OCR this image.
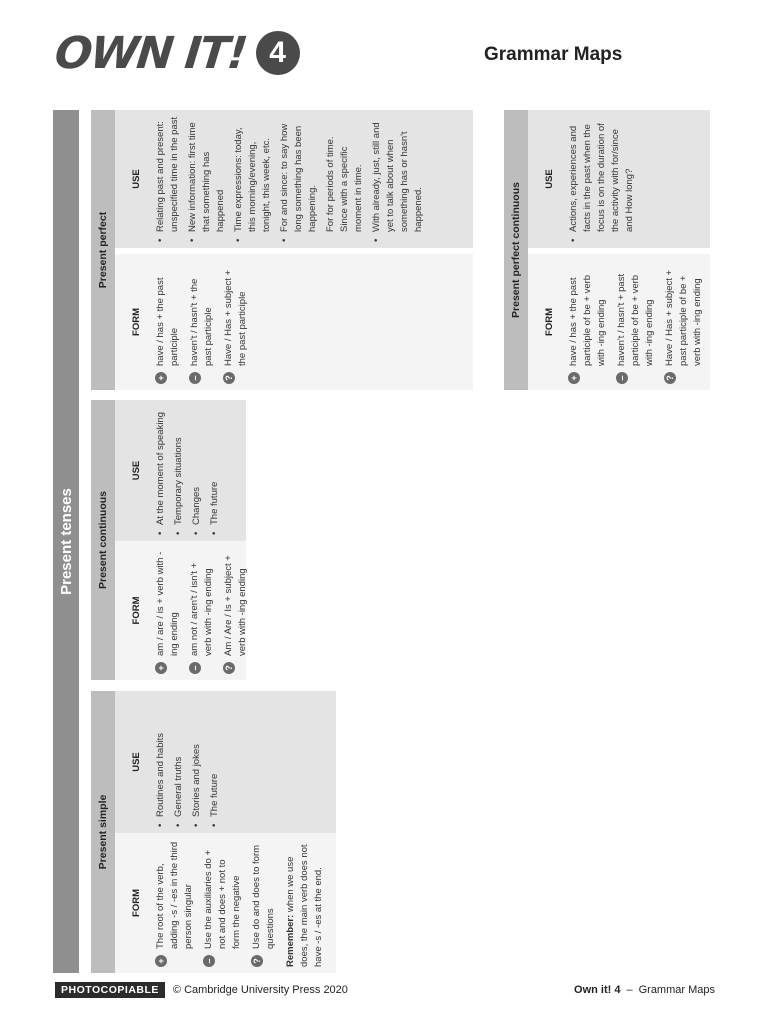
OWN IT! 4	Grammar Maps
Present tenses
Present simple
FORM
+
The root of the verb, adding -s / -es in the third person singular
–
Use the auxiliaries do + not and does + not to form the negative
?
Use do and does to form questions Remember: when we use does, the main verb does not have -s / -es at the end.
USE • Routines and habits • General truths • Stories and jokes • The future
Present continuous
FORM
+
am / are / is + verb with -ing ending
–
am not / aren't / isn't + verb with -ing ending
?
Am / Are / Is + subject + verb with -ing ending
USE • At the moment of speaking • Temporary situations • Changes • The future
Present perfect
FORM
+
have / has + the past participle
–
haven't / hasn't + the past participle
?
Have / Has + subject + the past participle
USE • Relating past and present: unspecified time in the past • New information: first time that something has happened • Time expressions: today, this morning/evening, tonight, this week, etc. • For and since: to say how long something has been happening. For for periods of time. Since with a specific moment in time. • With already, just, still and yet to talk about when something has or hasn't happened.	Present perfect continuous
FORM
+
have / has + the past participle of be + verb with -ing ending
–
haven't / hasn't + past participle of be + verb with -ing ending
?
Have / Has + subject + past participle of be + verb with -ing ending
USE • Actions, experiences and facts in the past when the focus is on the duration of the activity with for/since and How long?
PHOTOCOPIABLE	© Cambridge University Press 2020	Own it! 4 – Grammar Maps
